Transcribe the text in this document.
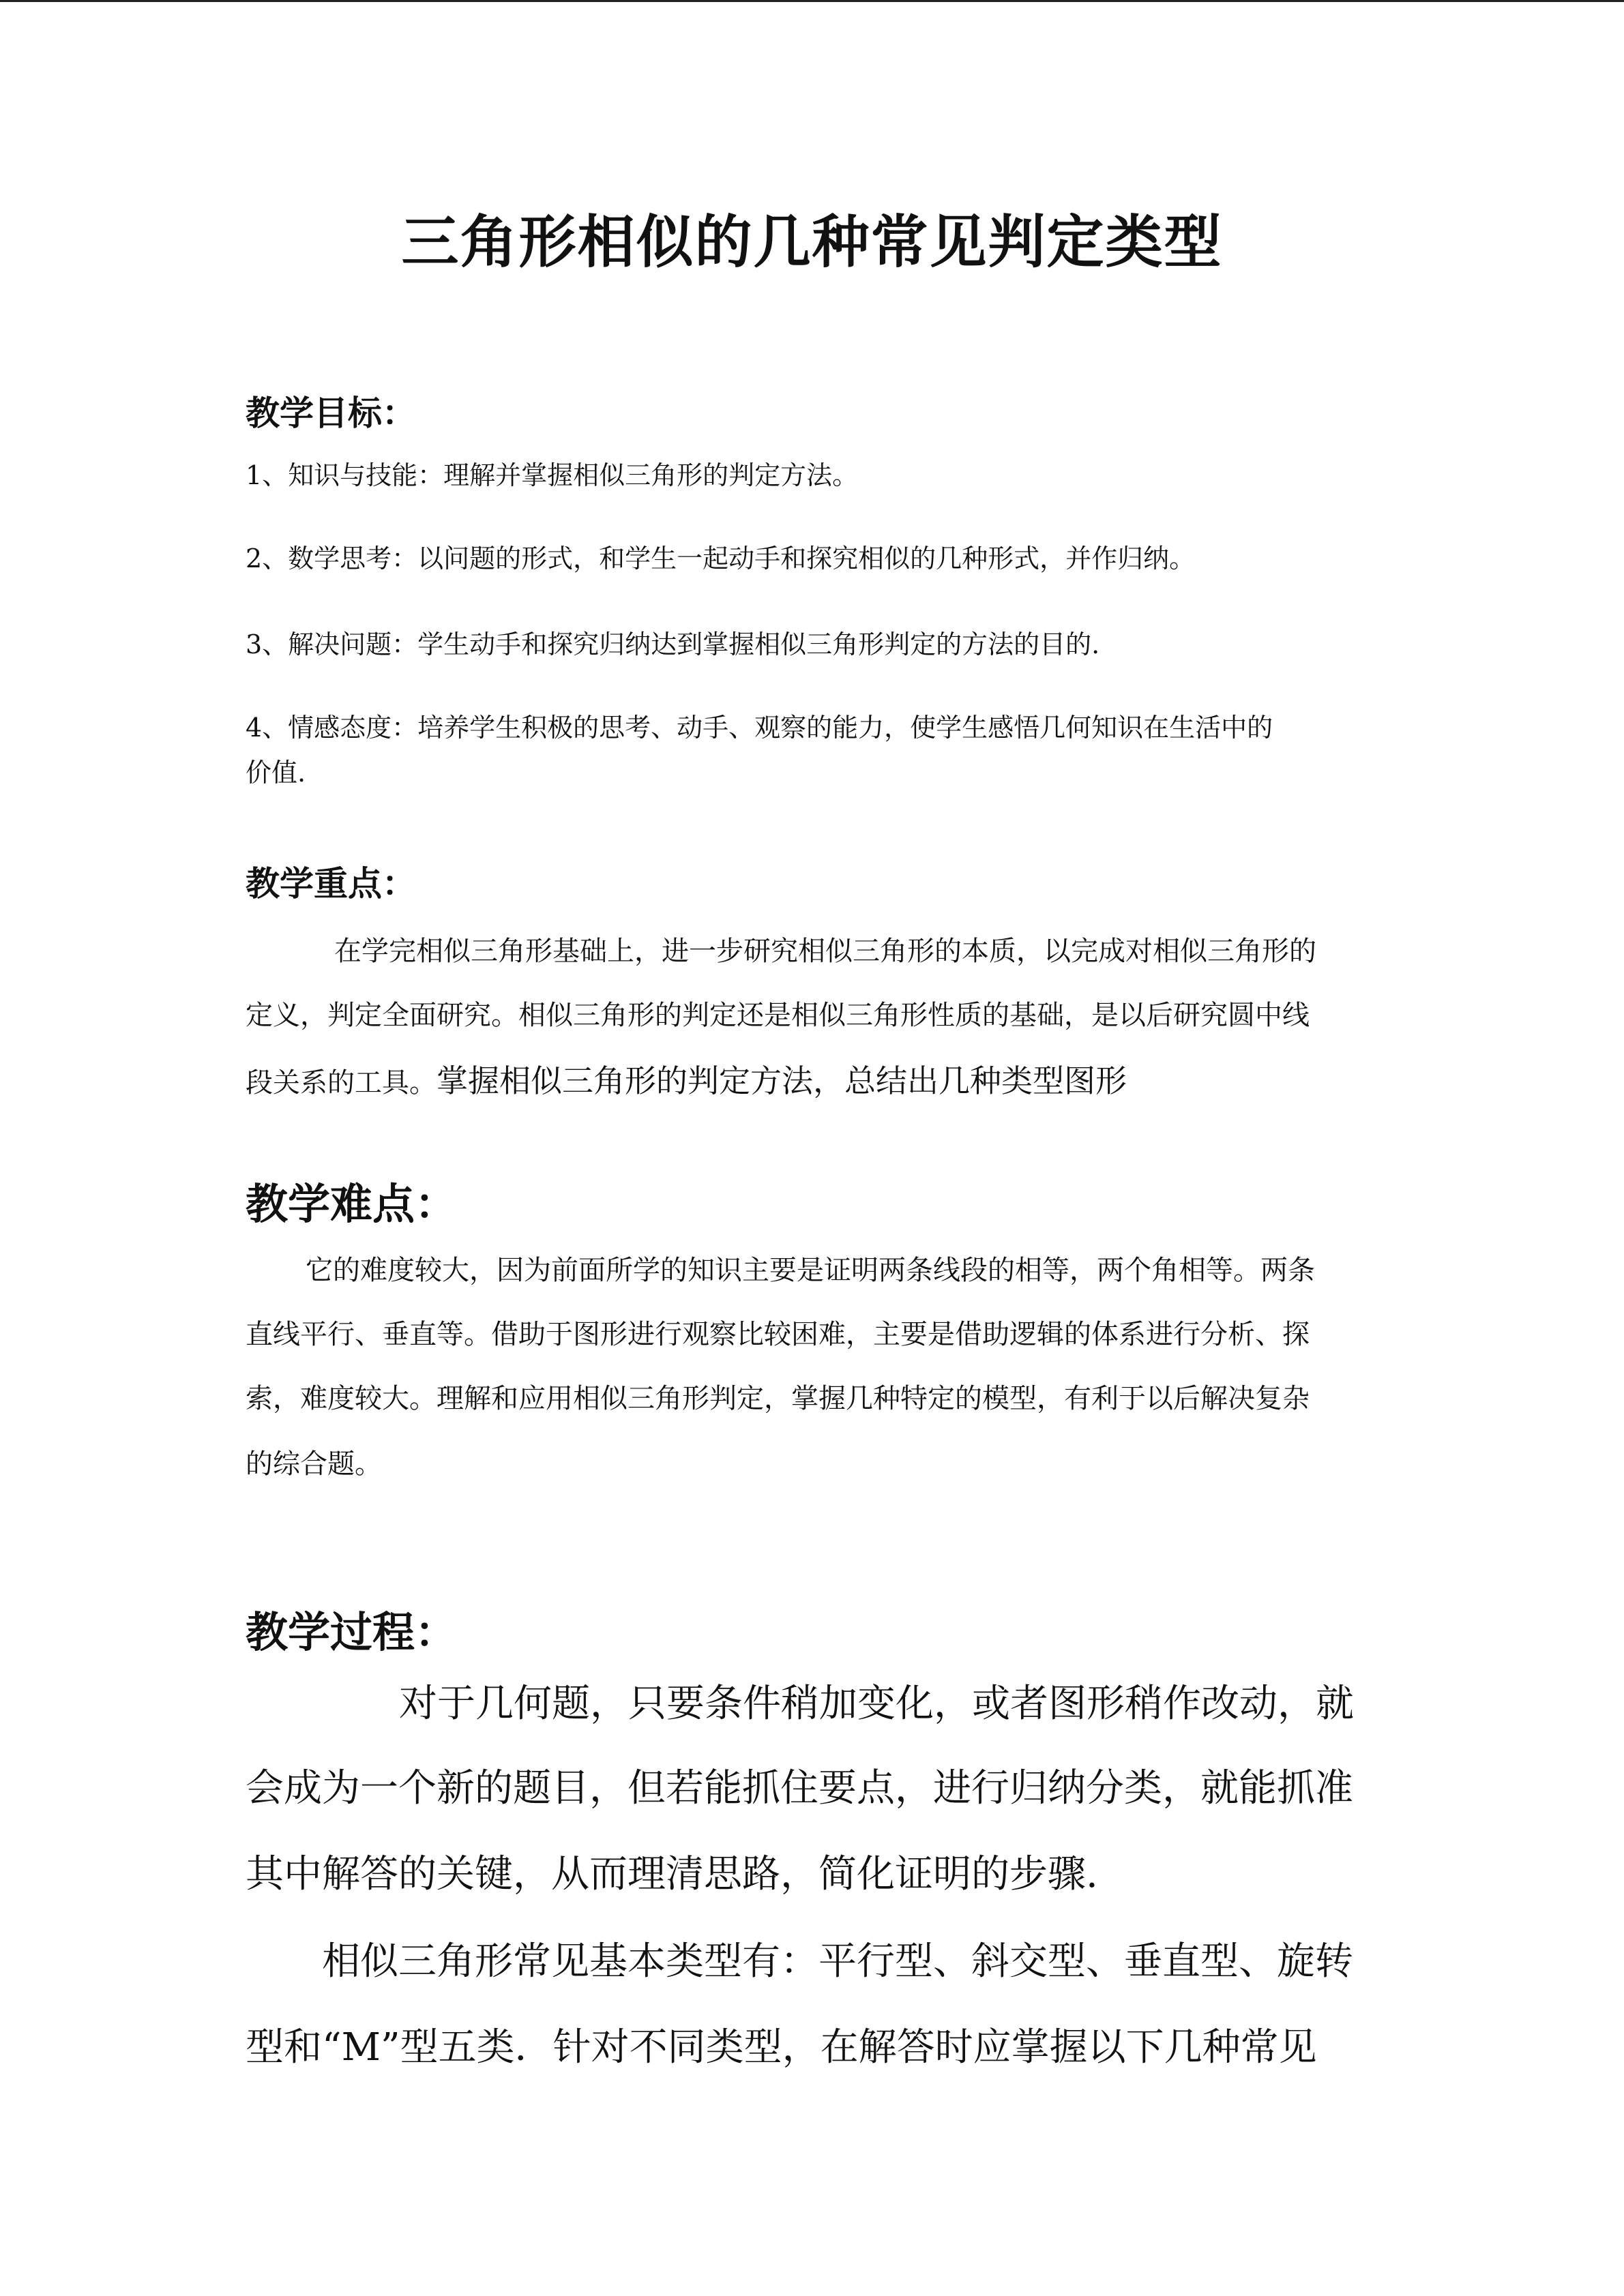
三角形相似的几种常见判定类型
教学目标：

1、知识与技能：理解并掌握相似三角形的判定方法。

2、数学思考：以问题的形式，和学生一起动手和探究相似的几种形式，并作归纳。

3、解决问题：学生动手和探究归纳达到掌握相似三角形判定的方法的目的.

4、情感态度：培养学生积极的思考、动手、观察的能力，使学生感悟几何知识在生活中的

价值.

教学重点：

在学完相似三角形基础上，进一步研究相似三角形的本质，以完成对相似三角形的

定义，判定全面研究。相似三角形的判定还是相似三角形性质的基础，是以后研究圆中线

段关系的工具。掌握相似三角形的判定方法，总结出几种类型图形

教学难点：

它的难度较大，因为前面所学的知识主要是证明两条线段的相等，两个角相等。两条

直线平行、垂直等。借助于图形进行观察比较困难，主要是借助逻辑的体系进行分析、探

索，难度较大。理解和应用相似三角形判定，掌握几种特定的模型，有利于以后解决复杂

的综合题。

教学过程：

对于几何题，只要条件稍加变化，或者图形稍作改动，就

会成为一个新的题目，但若能抓住要点，进行归纳分类，就能抓准

其中解答的关键，从而理清思路，简化证明的步骤.

相似三角形常见基本类型有：平行型、斜交型、垂直型、旋转

型和“M”型五类．针对不同类型，在解答时应掌握以下几种常见
